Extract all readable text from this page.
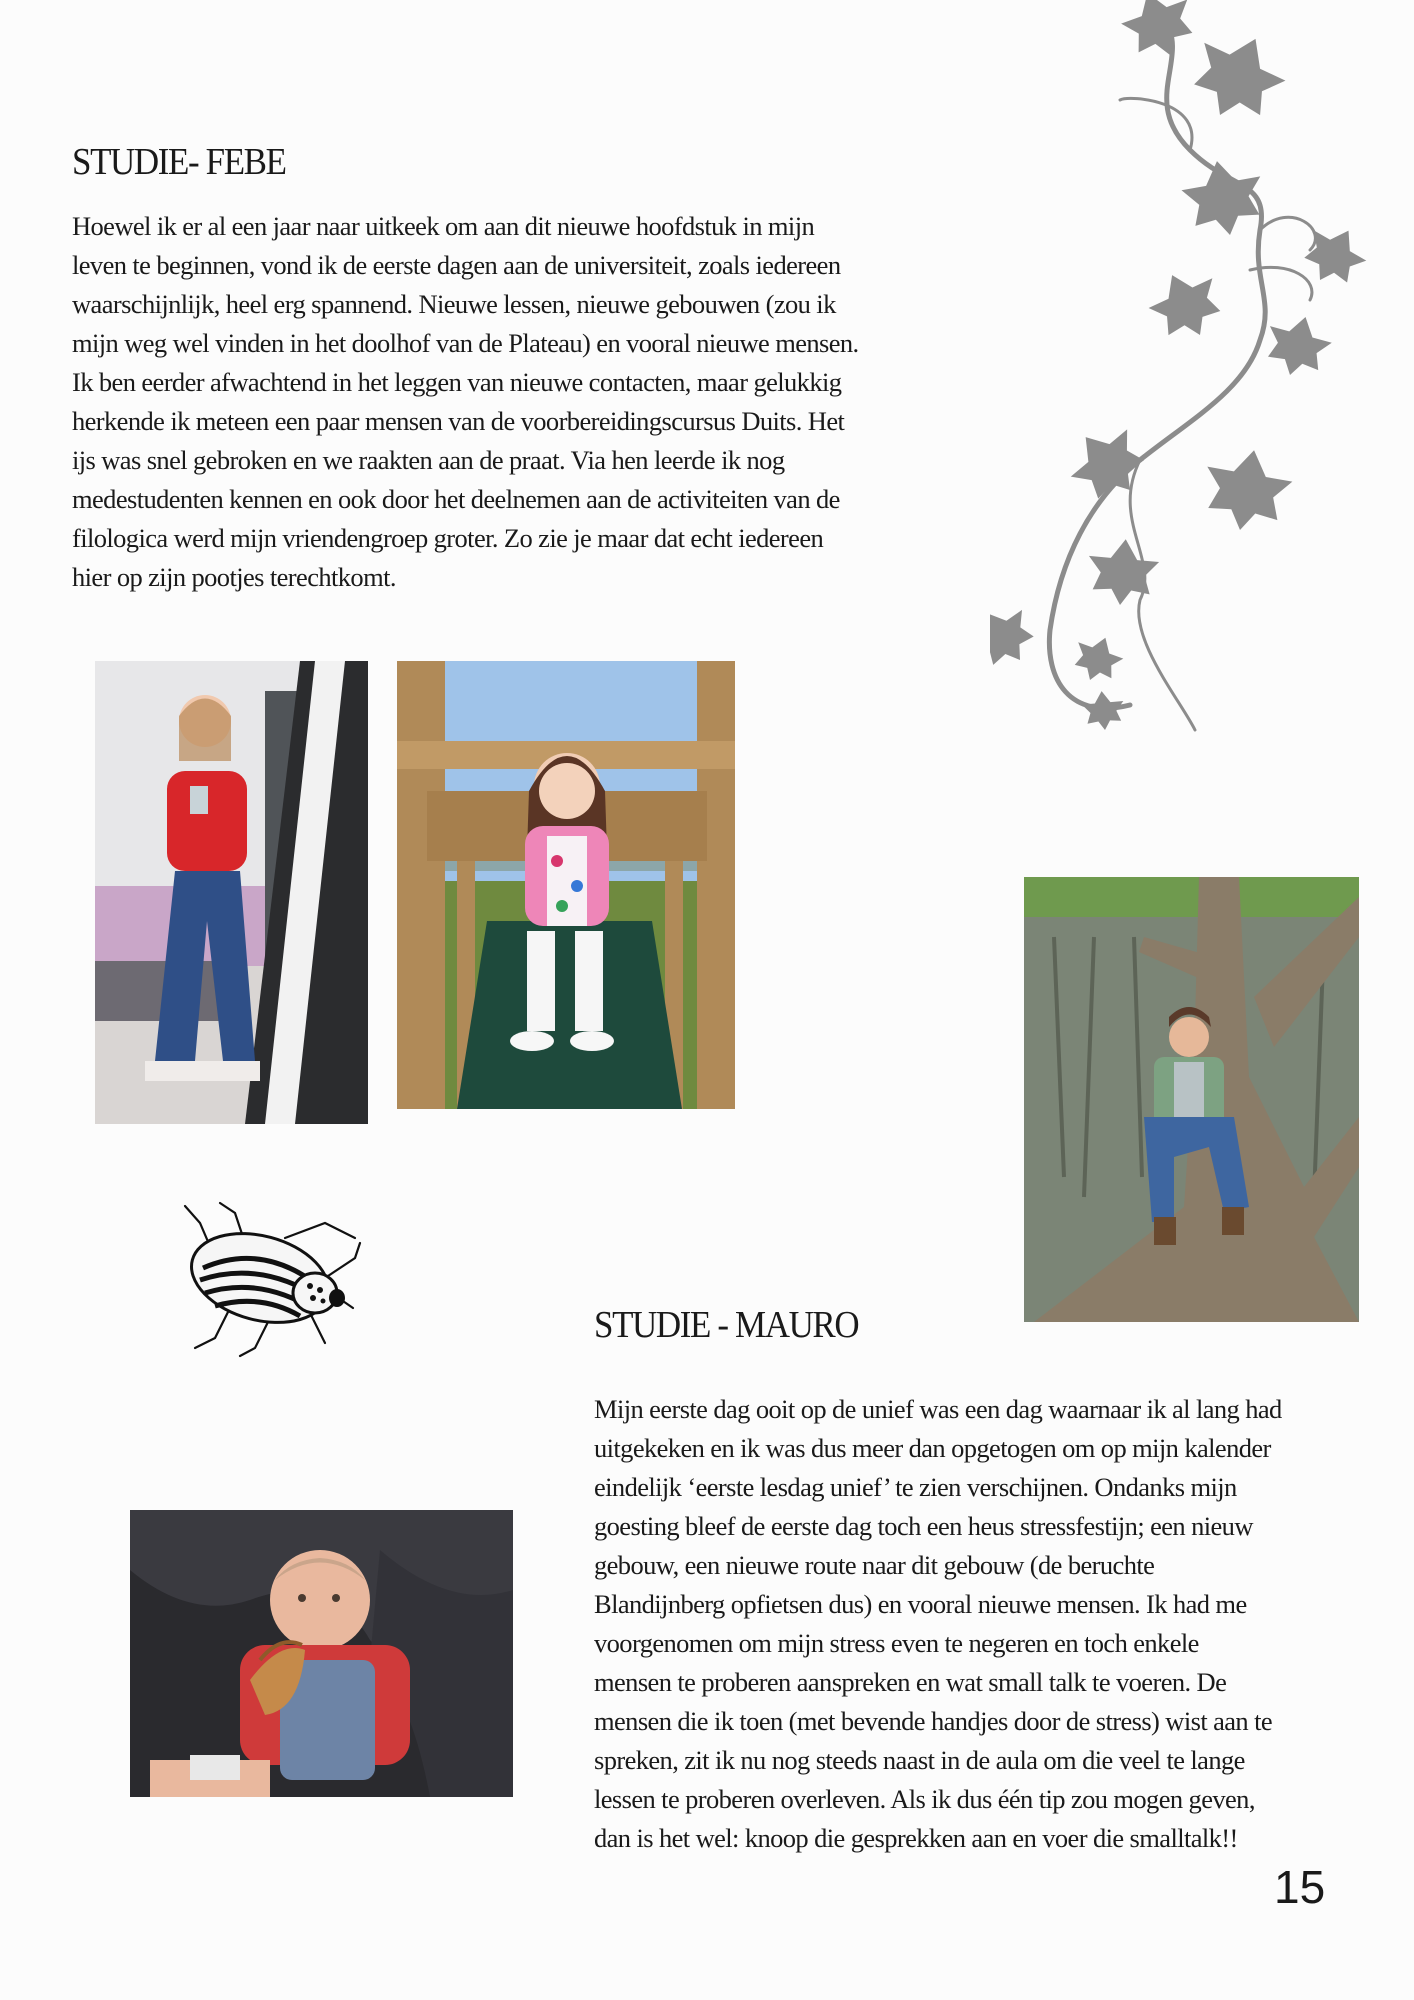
STUDIE- FEBE
Hoewel ik er al een jaar naar uitkeek om aan dit nieuwe hoofdstuk in mijn
leven te beginnen, vond ik de eerste dagen aan de universiteit, zoals iedereen
waarschijnlijk, heel erg spannend. Nieuwe lessen, nieuwe gebouwen (zou ik
mijn weg wel vinden in het doolhof van de Plateau) en vooral nieuwe mensen.
Ik ben eerder afwachtend in het leggen van nieuwe contacten, maar gelukkig
herkende ik meteen een paar mensen van de voorbereidingscursus Duits. Het
ijs was snel gebroken en we raakten aan de praat. Via hen leerde ik nog
medestudenten kennen en ook door het deelnemen aan de activiteiten van de
filologica werd mijn vriendengroep groter. Zo zie je maar dat echt iedereen
hier op zijn pootjes terechtkomt.
STUDIE - MAURO
Mijn eerste dag ooit op de unief was een dag waarnaar ik al lang had
uitgekeken en ik was dus meer dan opgetogen om op mijn kalender
eindelijk ‘eerste lesdag unief’ te zien verschijnen. Ondanks mijn
goesting bleef de eerste dag toch een heus stressfestijn; een nieuw
gebouw, een nieuwe route naar dit gebouw (de beruchte
Blandijnberg opfietsen dus) en vooral nieuwe mensen. Ik had me
voorgenomen om mijn stress even te negeren en toch enkele
mensen te proberen aanspreken en wat small talk te voeren. De
mensen die ik toen (met bevende handjes door de stress) wist aan te
spreken, zit ik nu nog steeds naast in de aula om die veel te lange
lessen te proberen overleven. Als ik dus één tip zou mogen geven,
dan is het wel: knoop die gesprekken aan en voer die smalltalk!!
15
